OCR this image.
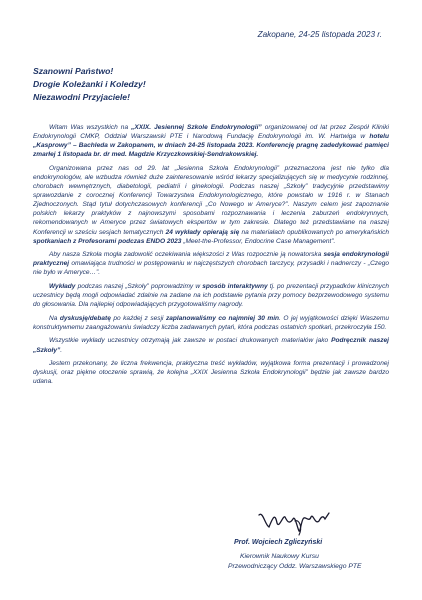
Zakopane, 24-25 listopada 2023 r.
Szanowni Państwo!
Drogie Koleżanki i Koledzy!
Niezawodni Przyjaciele!

Witam Was wszystkich na „XXIX. Jesiennej Szkole Endokrynologii” organizowanej od lat przez Zespół Kliniki Endokrynologii CMKP, Oddział Warszawski PTE i Narodową Fundację Endokrynologii im. W. Hartwiga w hotelu „Kasprowy” – Bachleda w Zakopanem, w dniach 24-25 listopada 2023. Konferencję pragnę zadedykować pamięci zmarłej 1 listopada br. dr med. Magdzie Krzyczkowskiej-Sendrakowskiej.

Organizowana przez nas od 29. lat „Jesienna Szkoła Endokrynologii” przeznaczona jest nie tylko dla endokrynologów, ale wzbudza również duże zainteresowanie wśród lekarzy specjalizujących się w medycynie rodzinnej, chorobach wewnętrznych, diabetologii, pediatrii i ginekologii. Podczas naszej „Szkoły” tradycyjnie przedstawimy sprawozdanie z corocznej Konferencji Towarzystwa Endokrynologicznego, które powstało w 1916 r. w Stanach Zjednoczonych. Stąd tytuł dotychczasowych konferencji „Co Nowego w Ameryce?”. Naszym celem jest zapoznanie polskich lekarzy praktyków z najnowszymi sposobami rozpoznawania i leczenia zaburzeń endokrynnych, rekomendowanych w Ameryce przez światowych ekspertów w tym zakresie. Dlatego też przedstawiane na naszej Konferencji w sześciu sesjach tematycznych 24 wykłady opierają się na materiałach opublikowanych po amerykańskich spotkaniach z Profesorami podczas ENDO 2023 „Meet-the-Professor, Endocrine Case Management”.

Aby nasza Szkoła mogła zadowolić oczekiwania większości z Was rozpocznie ją nowatorska sesja endokrynologii praktycznej omawiająca trudności w postępowaniu w najczęstszych chorobach tarczycy, przysadki i nadnerczy - „Czego nie było w Ameryce…”.

Wykłady podczas naszej „Szkoły” poprowadzimy w sposób interaktywny tj. po prezentacji przypadków klinicznych uczestnicy będą mogli odpowiadać zdalnie na zadane na ich podstawie pytania przy pomocy bezprzewodowego systemu do głosowania. Dla najlepiej odpowiadających przygotowaliśmy nagrody.

Na dyskusję/debatę po każdej z sesji zaplanowaliśmy co najmniej 30 min. O jej wyjątkowości dzięki Waszemu konstruktywnemu zaangażowaniu świadczy liczba zadawanych pytań, która podczas ostatnich spotkań, przekroczyła 150.

Wszystkie wykłady uczestnicy otrzymają jak zawsze w postaci drukowanych materiałów jako Podręcznik naszej „Szkoły”.

Jestem przekonany, że liczna frekwencja, praktyczna treść wykładów, wyjątkowa forma prezentacji i prowadzonej dyskusji, oraz piękne otoczenie sprawią, że kolejna „XXIX Jesienna Szkoła Endokrynologii” będzie jak zawsze bardzo udana.

Prof. Wojciech Zgliczyński
Kierownik Naukowy Kursu
Przewodniczący Oddz. Warszawskiego PTE
